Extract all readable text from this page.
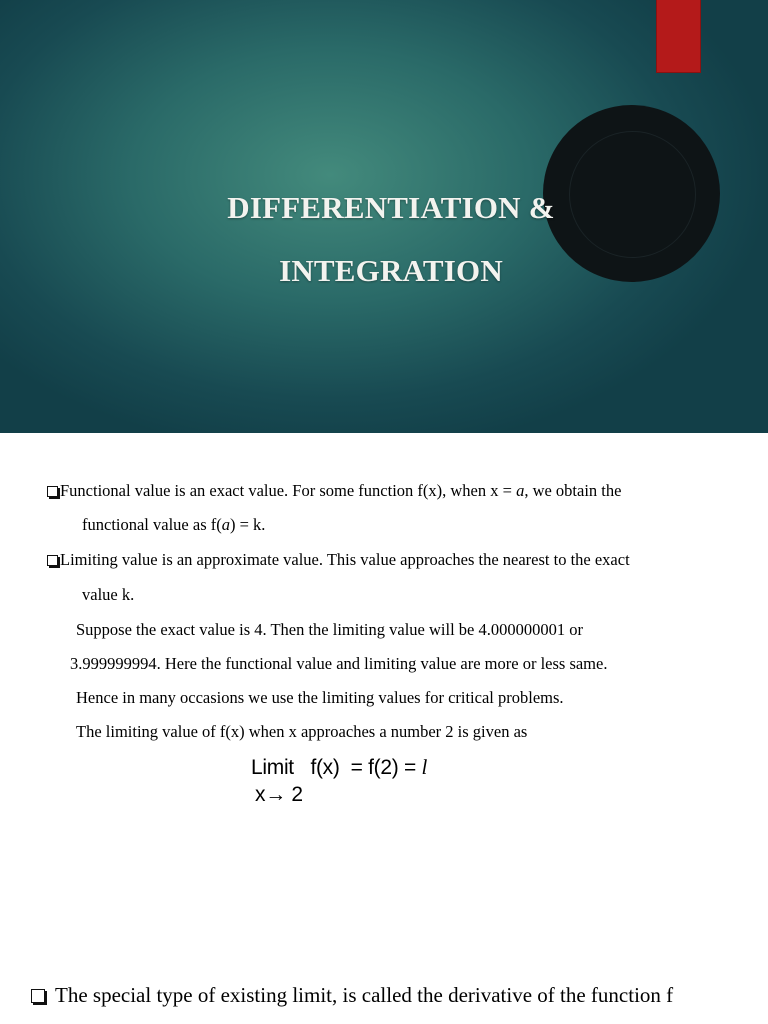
DIFFERENTIATION &
INTEGRATION
Functional value is an exact value. For some function f(x), when x = a, we obtain the
functional value as f(a) = k.
Limiting value is an approximate value. This value approaches the nearest to the exact
value k.
Suppose the exact value is 4. Then the limiting value will be 4.000000001 or
3.999999994. Here the functional value and limiting value are more or less same.
Hence in many occasions we use the limiting values for critical problems.
The limiting value of f(x) when x approaches a number 2 is given as
Limit   f(x)  = f(2) = l
x→ 2
The special type of existing limit, is called the derivative of the function f
